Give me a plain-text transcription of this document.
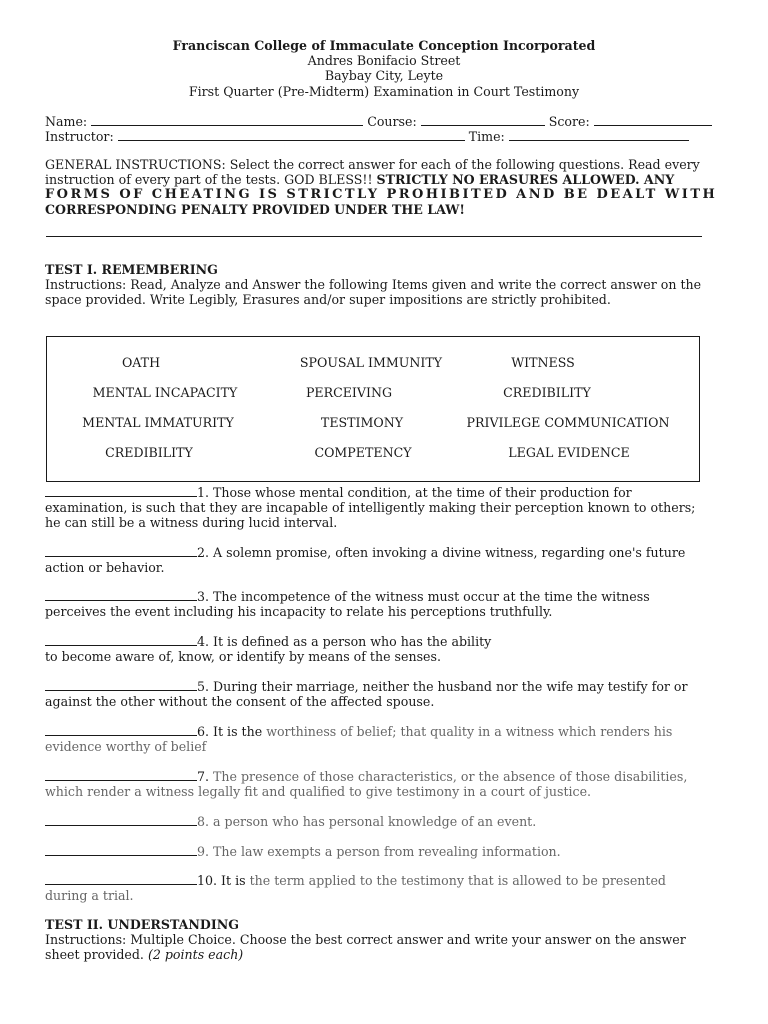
Franciscan College of Immaculate Conception Incorporated
Andres Bonifacio Street
Baybay City, Leyte
First Quarter (Pre-Midterm) Examination in Court Testimony
Name:	Course:	Score:
Instructor:	Time:
GENERAL INSTRUCTIONS: Select the correct answer for each of the following questions. Read every
instruction of every part of the tests. GOD BLESS!! STRICTLY NO ERASURES ALLOWED. ANY
FORMS OF CHEATING IS STRICTLY PROHIBITED AND BE DEALT WITH
CORRESPONDING PENALTY PROVIDED UNDER THE LAW!
TEST I. REMEMBERING
Instructions: Read, Analyze and Answer the following Items given and write the correct answer on the
space provided. Write Legibly, Erasures and/or super impositions are strictly prohibited.
OATH	SPOUSAL IMMUNITY	WITNESS
MENTAL INCAPACITY	PERCEIVING	CREDIBILITY
MENTAL IMMATURITY	TESTIMONY	PRIVILEGE COMMUNICATION
CREDIBILITY	COMPETENCY	LEGAL EVIDENCE
1. Those whose mental condition, at the time of their production for
examination, is such that they are incapable of intelligently making their perception known to others;
he can still be a witness during lucid interval.
2. A solemn promise, often invoking a divine witness, regarding one's future
action or behavior.
3. The incompetence of the witness must occur at the time the witness
perceives the event including his incapacity to relate his perceptions truthfully.
4. It is defined as a person who has the ability
to become aware of, know, or identify by means of the senses.
5. During their marriage, neither the husband nor the wife may testify for or
against the other without the consent of the affected spouse.
6. It is the worthiness of belief; that quality in a witness which renders his
evidence worthy of belief
7. The presence of those characteristics, or the absence of those disabilities,
which render a witness legally fit and qualified to give testimony in a court of justice.
8. a person who has personal knowledge of an event.
9. The law exempts a person from revealing information.
10. It is the term applied to the testimony that is allowed to be presented
during a trial.
TEST II. UNDERSTANDING
Instructions: Multiple Choice. Choose the best correct answer and write your answer on the answer
sheet provided. (2 points each)
